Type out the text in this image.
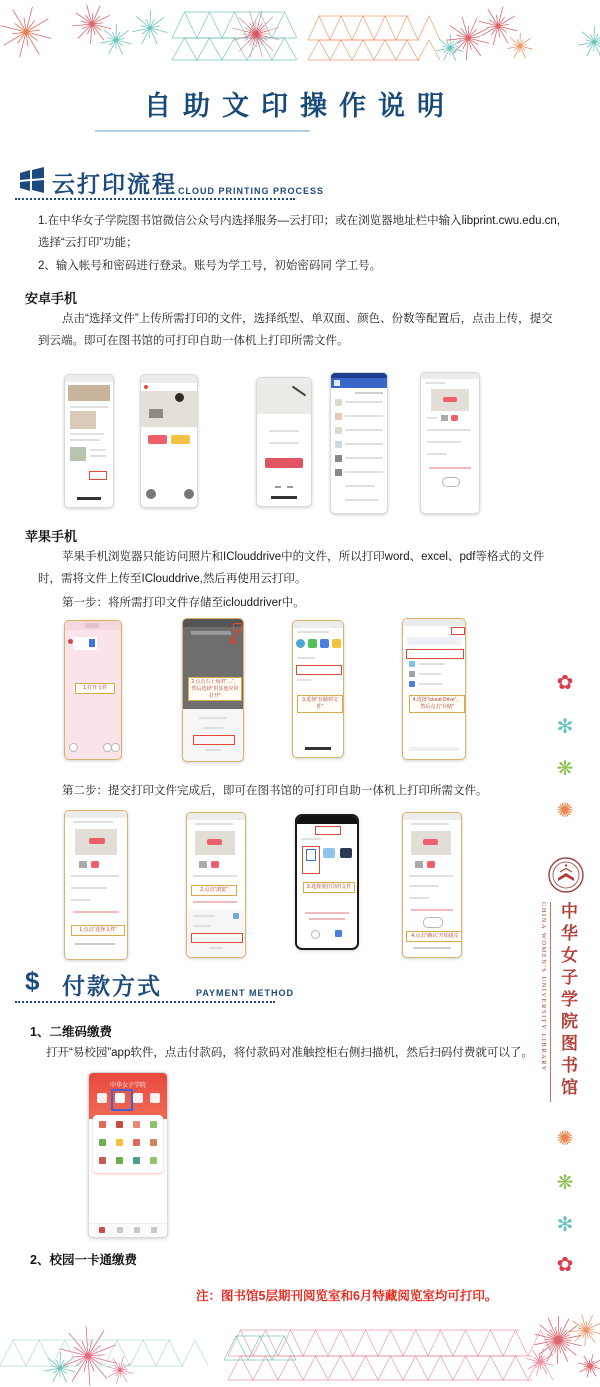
自助文印操作说明
云打印流程 CLOUD PRINTING PROCESS
1.在中华女子学院图书馆微信公众号内选择服务—云打印；或在浏览器地址栏中输入libprint.cwu.edu.cn, 选择“云打印”功能；
2、输入帐号和密码进行登录。账号为学工号，初始密码同 学工号。
安卓手机
点击“选择文件”上传所需打印的文件，选择纸型、单双面、颜色、份数等配置后，点击上传，提交到云端。即可在图书馆的可打印自助一体机上打印所需文件。
苹果手机
苹果手机浏览器只能访问照片和IClouddrive中的文件，所以打印word、excel、pdf等格式的文件时，需将文件上传至IClouddrive,然后再使用云打印。
第一步：将所需打印文件存储至iclouddriver中。
1.打开文件
2.点击右上角的“…”，然后选择“用其他应用打开”
3.选择“存储到文件”
4.选择“icloud Drive”，然后点击“存储”
第二步：提交打印文件完成后，即可在图书馆的可打印自助一体机上打印所需文件。
1.点击“选择文件”
2.点击“浏览”	3.选择要打印的文件
4.点击“确认”开始提交
$ 付款方式	PAYMENT METHOD
1、二维码缴费
打开“易校园”app软件，点击付款码，将付款码对准触控柜右侧扫描机，然后扫码付费就可以了。
中华女子学院
2、校园一卡通缴费
注：图书馆5层期刊阅览室和6月特藏阅览室均可打印。
✿
✻
❋
✺
CHINA WOMEN'S UNIVERSITY LIBRARY 中华女子学院图书馆
✺
❋
✻
✿
